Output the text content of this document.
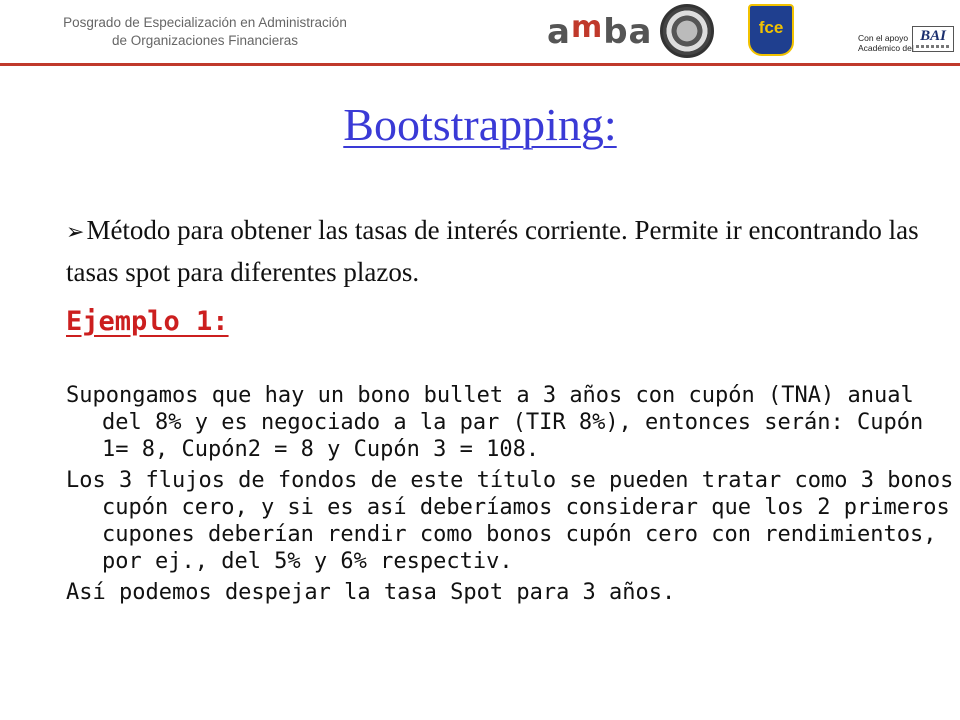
Posgrado de Especialización en Administración
de Organizaciones Financieras	amba	fce
Con el apoyo
Académico del
BAI
Bootstrapping:
➢Método para obtener las tasas de interés corriente. Permite ir encontrando las tasas spot para diferentes plazos.
Ejemplo 1:

Supongamos que hay un bono bullet a 3 años con cupón (TNA) anual del 8% y es negociado a la par (TIR 8%), entonces serán: Cupón 1= 8, Cupón2 = 8 y Cupón 3 = 108.

Los 3 flujos de fondos de este título se pueden tratar como 3 bonos cupón cero, y si es así deberíamos considerar que los 2 primeros cupones deberían rendir como bonos cupón cero con rendimientos, por ej., del 5% y 6% respectiv.

Así podemos despejar la tasa Spot para 3 años.
